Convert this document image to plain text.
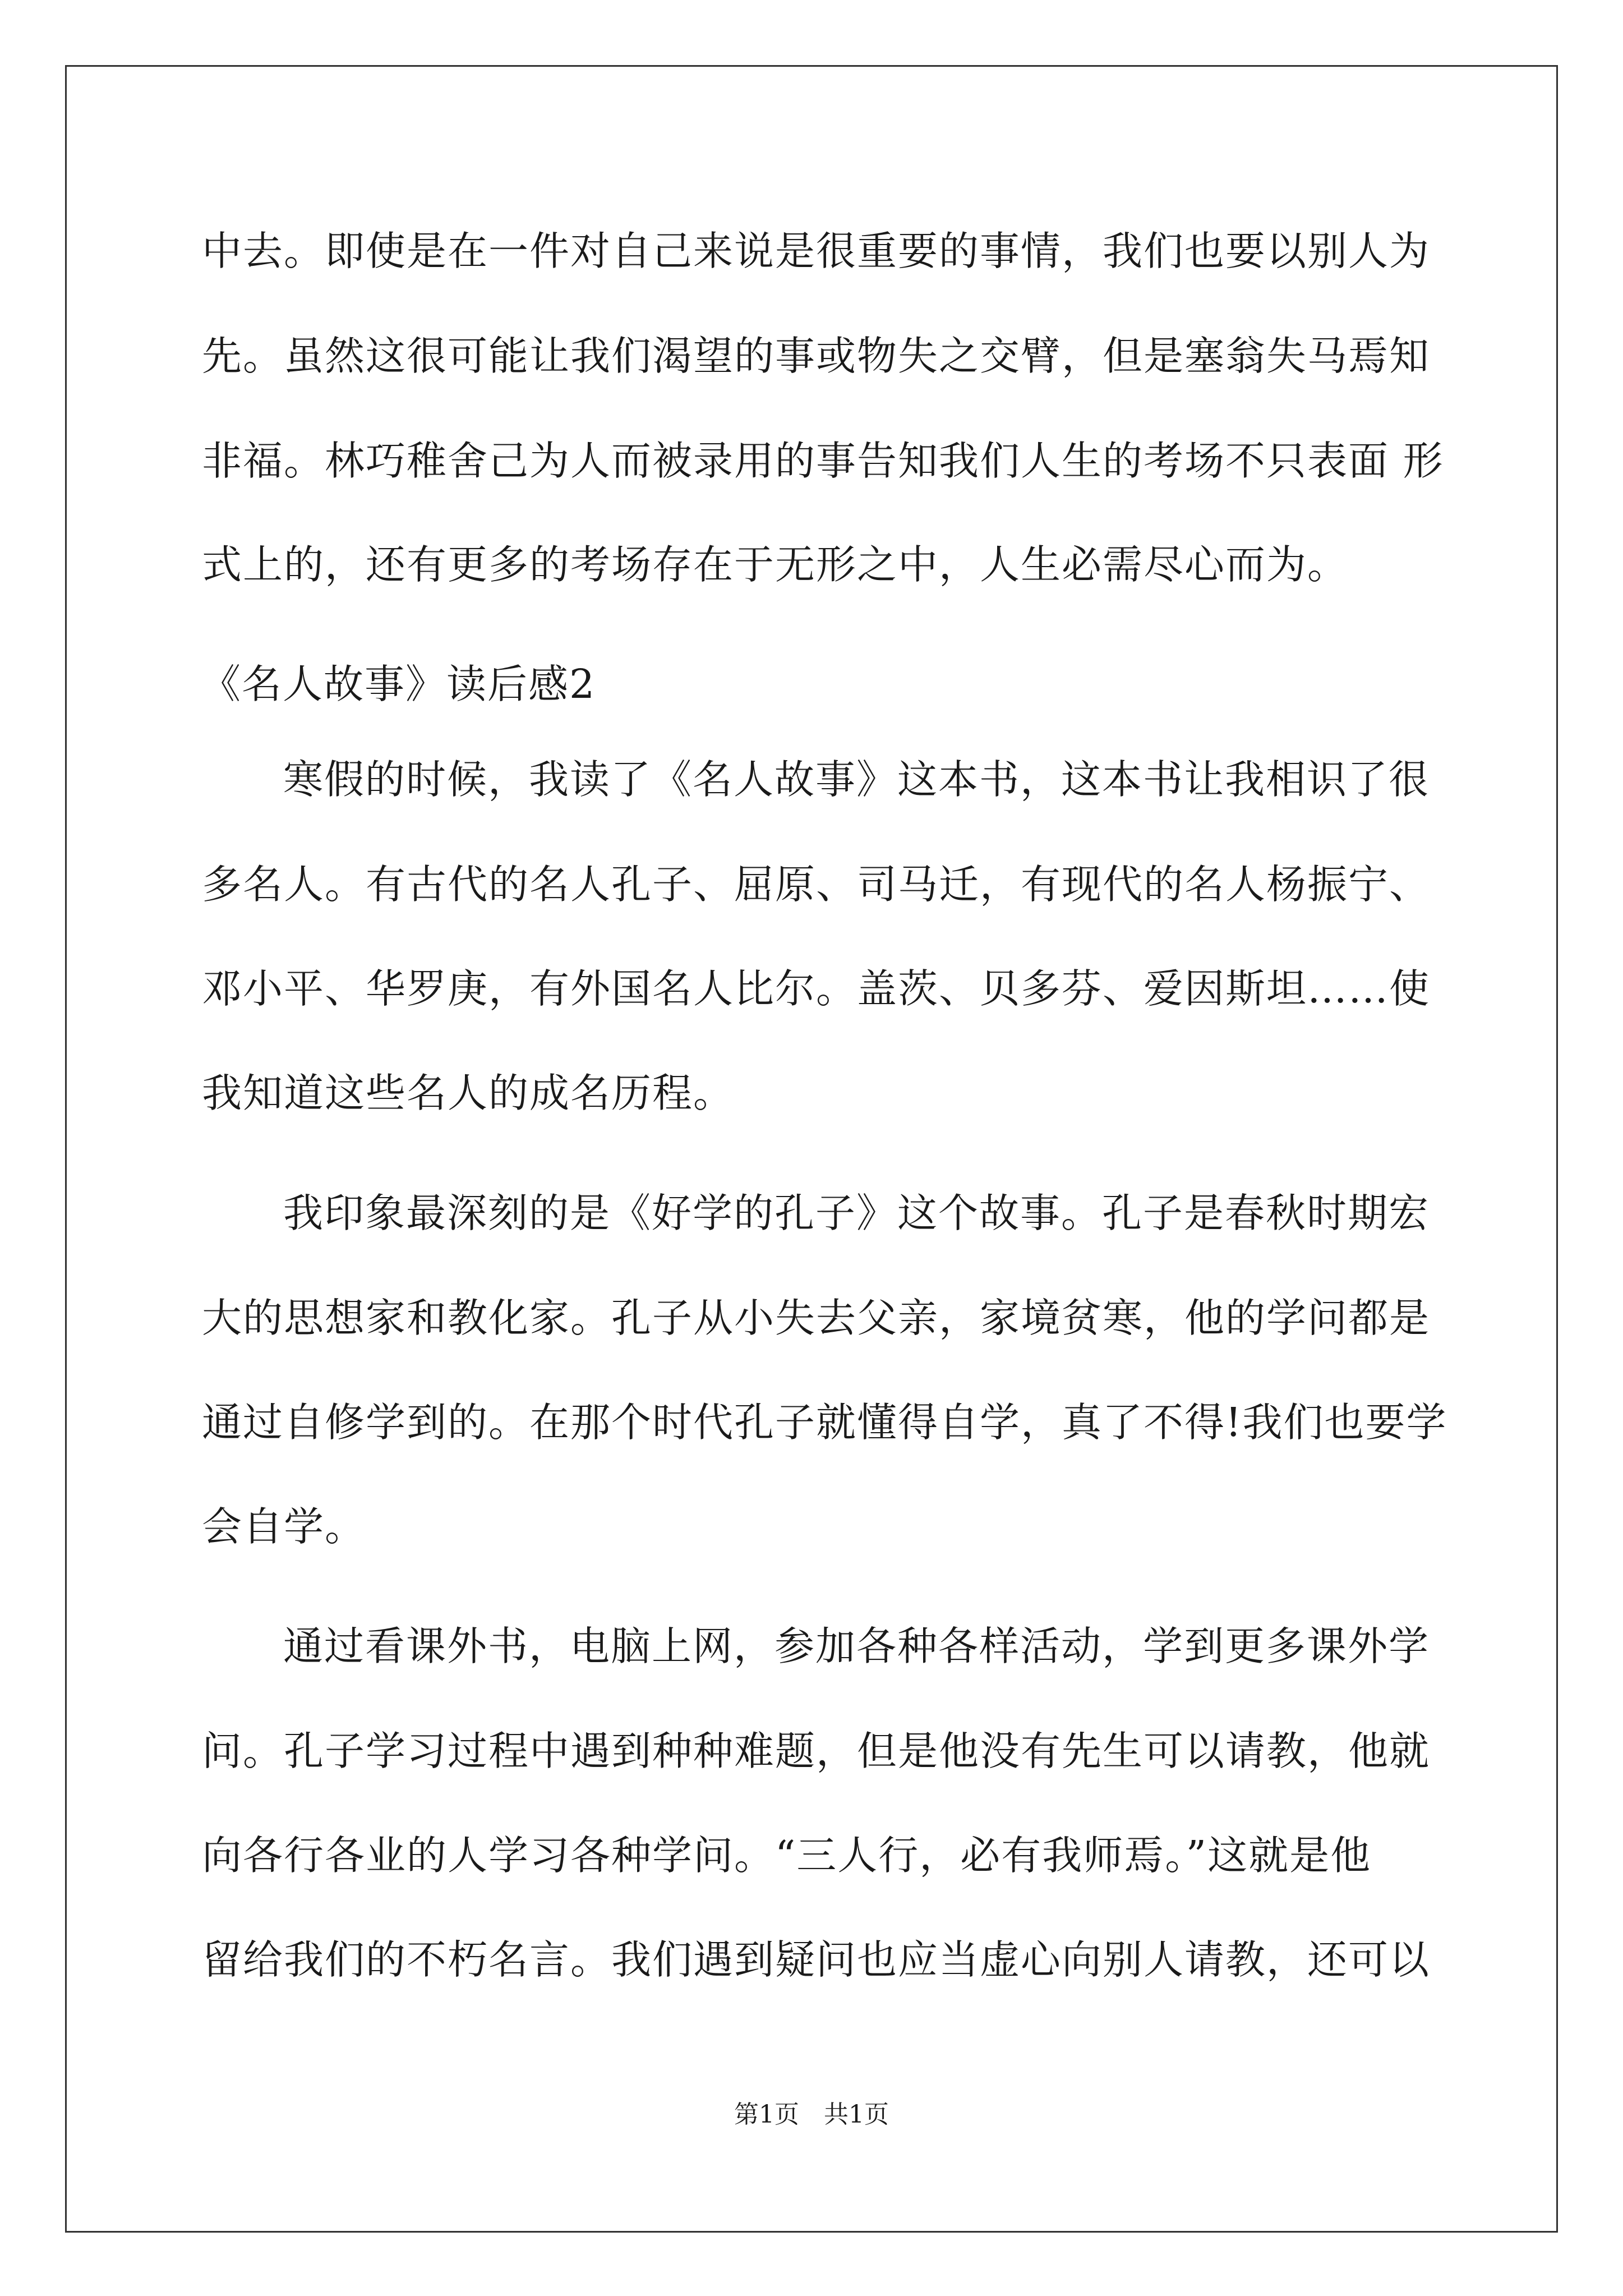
中去。即使是在一件对自己来说是很重要的事情，我们也要以别人为
先。虽然这很可能让我们渴望的事或物失之交臂，但是塞翁失马焉知
非福。林巧稚舍己为人而被录用的事告知我们人生的考场不只表面 形
式上的，还有更多的考场存在于无形之中，人生必需尽心而为。
《名人故事》读后感2
寒假的时候，我读了《名人故事》这本书，这本书让我相识了很
多名人。有古代的名人孔子、屈原、司马迁，有现代的名人杨振宁、
邓小平、华罗庚，有外国名人比尔。盖茨、贝多芬、爱因斯坦……使
我知道这些名人的成名历程。
我印象最深刻的是《好学的孔子》这个故事。孔子是春秋时期宏
大的思想家和教化家。孔子从小失去父亲，家境贫寒，他的学问都是
通过自修学到的。在那个时代孔子就懂得自学，真了不得!我们也要学
会自学。
通过看课外书，电脑上网，参加各种各样活动，学到更多课外学
问。孔子学习过程中遇到种种难题，但是他没有先生可以请教，他就
向各行各业的人学习各种学问。“三人行，必有我师焉。”这就是他
留给我们的不朽名言。我们遇到疑问也应当虚心向别人请教，还可以
第1页　共1页
